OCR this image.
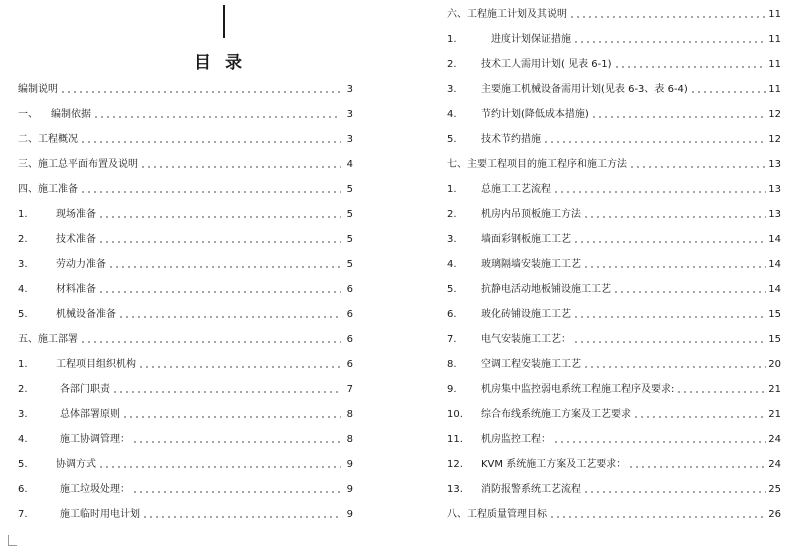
目录
编制说明	3
一、	编制依据	3
二、工程概况	3
三、施工总平面布置及说明	4
四、施工准备	5
1.	现场准备	5
2.	技术准备	5
3.	劳动力准备	5
4.	材料准备	6
5.	机械设备准备	6
五、施工部署	6
1.	工程项目组织机构	6
2.	各部门职责	7
3.	总体部署原则	8
4.	施工协调管理：	8
5.	协调方式	9
6.	施工垃圾处理：	9
7.	施工临时用电计划	9
六、工程施工计划及其说明	11
1.	进度计划保证措施	11
2.	技术工人需用计划( 见表 6-1)	11
3.	主要施工机械设备需用计划(见表 6-3、表 6-4)	11
4.	节约计划(降低成本措施)	12
5.	技术节约措施	12
七、主要工程项目的施工程序和施工方法	13
1.	总施工工艺流程	13
2.	机房内吊顶板施工方法	13
3.	墙面彩钢板施工工艺	14
4.	玻璃隔墙安装施工工艺	14
5.	抗静电活动地板铺设施工工艺	14
6.	玻化砖铺设施工工艺	15
7.	电气安装施工工艺：	15
8.	空调工程安装施工工艺	20
9.	机房集中监控弱电系统工程施工程序及要求:	21
10.	综合布线系统施工方案及工艺要求	21
11.	机房监控工程：	24
12.	KVM 系统施工方案及工艺要求：	24
13.	消防报警系统工艺流程	25
八、工程质量管理目标	26
